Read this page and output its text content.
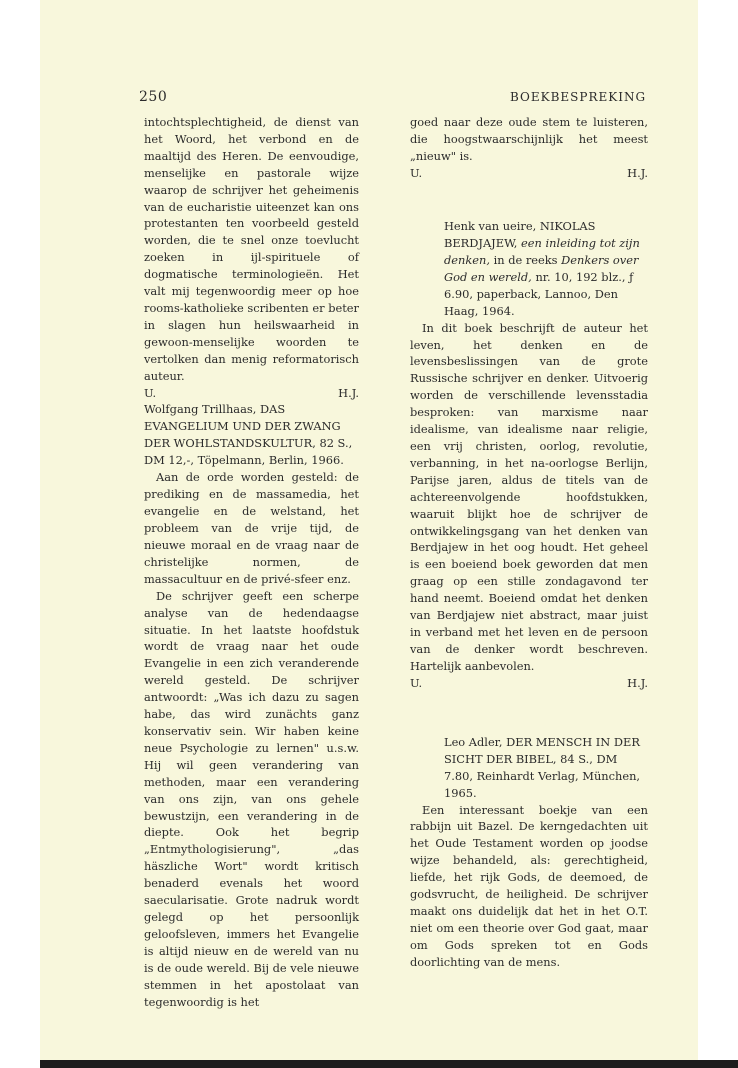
250	BOEKBESPREKING

intochtsplechtigheid, de dienst van het Woord, het verbond en de maaltijd des Heren. De eenvoudige, menselijke en pastorale wijze waarop de schrijver het geheimenis van de eucharistie uiteenzet kan ons protestanten ten voorbeeld gesteld worden, die te snel onze toevlucht zoeken in ijl-spirituele of dogmatische terminologieën. Het valt mij tegenwoordig meer op hoe rooms-katholieke scribenten er beter in slagen hun heilswaarheid in gewoon-menselijke woorden te vertolken dan menig reformatorisch auteur.

U.	H.J.

Wolfgang Trillhaas, DAS EVANGELIUM UND DER ZWANG DER WOHLSTANDSKULTUR, 82 S., DM 12,-, Töpelmann, Berlin, 1966.

Aan de orde worden gesteld: de prediking en de massamedia, het evangelie en de welstand, het probleem van de vrije tijd, de nieuwe moraal en de vraag naar de christelijke normen, de massacultuur en de privé-sfeer enz.

De schrijver geeft een scherpe analyse van de hedendaagse situatie. In het laatste hoofdstuk wordt de vraag naar het oude Evangelie in een zich veranderende wereld gesteld. De schrijver antwoordt: „Was ich dazu zu sagen habe, das wird zunächts ganz konservativ sein. Wir haben keine neue Psychologie zu lernen" u.s.w. Hij wil geen verandering van methoden, maar een verandering van ons zijn, van ons gehele bewustzijn, een verandering in de diepte. Ook het begrip „Entmythologisierung", „das häszliche Wort" wordt kritisch benaderd evenals het woord saecularisatie. Grote nadruk wordt gelegd op het persoonlijk geloofsleven, immers het Evangelie is altijd nieuw en de wereld van nu is de oude wereld. Bij de vele nieuwe stemmen in het apostolaat van tegenwoordig is het

goed naar deze oude stem te luisteren, die hoogstwaarschijnlijk het meest „nieuw" is.

U.	H.J.

Henk van ueire, NIKOLAS BERDJAJEW, een inleiding tot zijn denken, in de reeks Denkers over God en wereld, nr. 10, 192 blz., ƒ 6.90, paperback, Lannoo, Den Haag, 1964.

In dit boek beschrijft de auteur het leven, het denken en de levensbeslissingen van de grote Russische schrijver en denker. Uitvoerig worden de verschillende levensstadia besproken: van marxisme naar idealisme, van idealisme naar religie, een vrij christen, oorlog, revolutie, verbanning, in het na-oorlogse Berlijn, Parijse jaren, aldus de titels van de achtereenvolgende hoofdstukken, waaruit blijkt hoe de schrijver de ontwikkelingsgang van het denken van Berdjajew in het oog houdt. Het geheel is een boeiend boek geworden dat men graag op een stille zondagavond ter hand neemt. Boeiend omdat het denken van Berdjajew niet abstract, maar juist in verband met het leven en de persoon van de denker wordt beschreven. Hartelijk aanbevolen.

U.	H.J.

Leo Adler, DER MENSCH IN DER SICHT DER BIBEL, 84 S., DM 7.80, Reinhardt Verlag, München, 1965.

Een interessant boekje van een rabbijn uit Bazel. De kerngedachten uit het Oude Testament worden op joodse wijze behandeld, als: gerechtigheid, liefde, het rijk Gods, de deemoed, de godsvrucht, de heiligheid. De schrijver maakt ons duidelijk dat het in het O.T. niet om een theorie over God gaat, maar om Gods spreken tot en Gods doorlichting van de mens.
